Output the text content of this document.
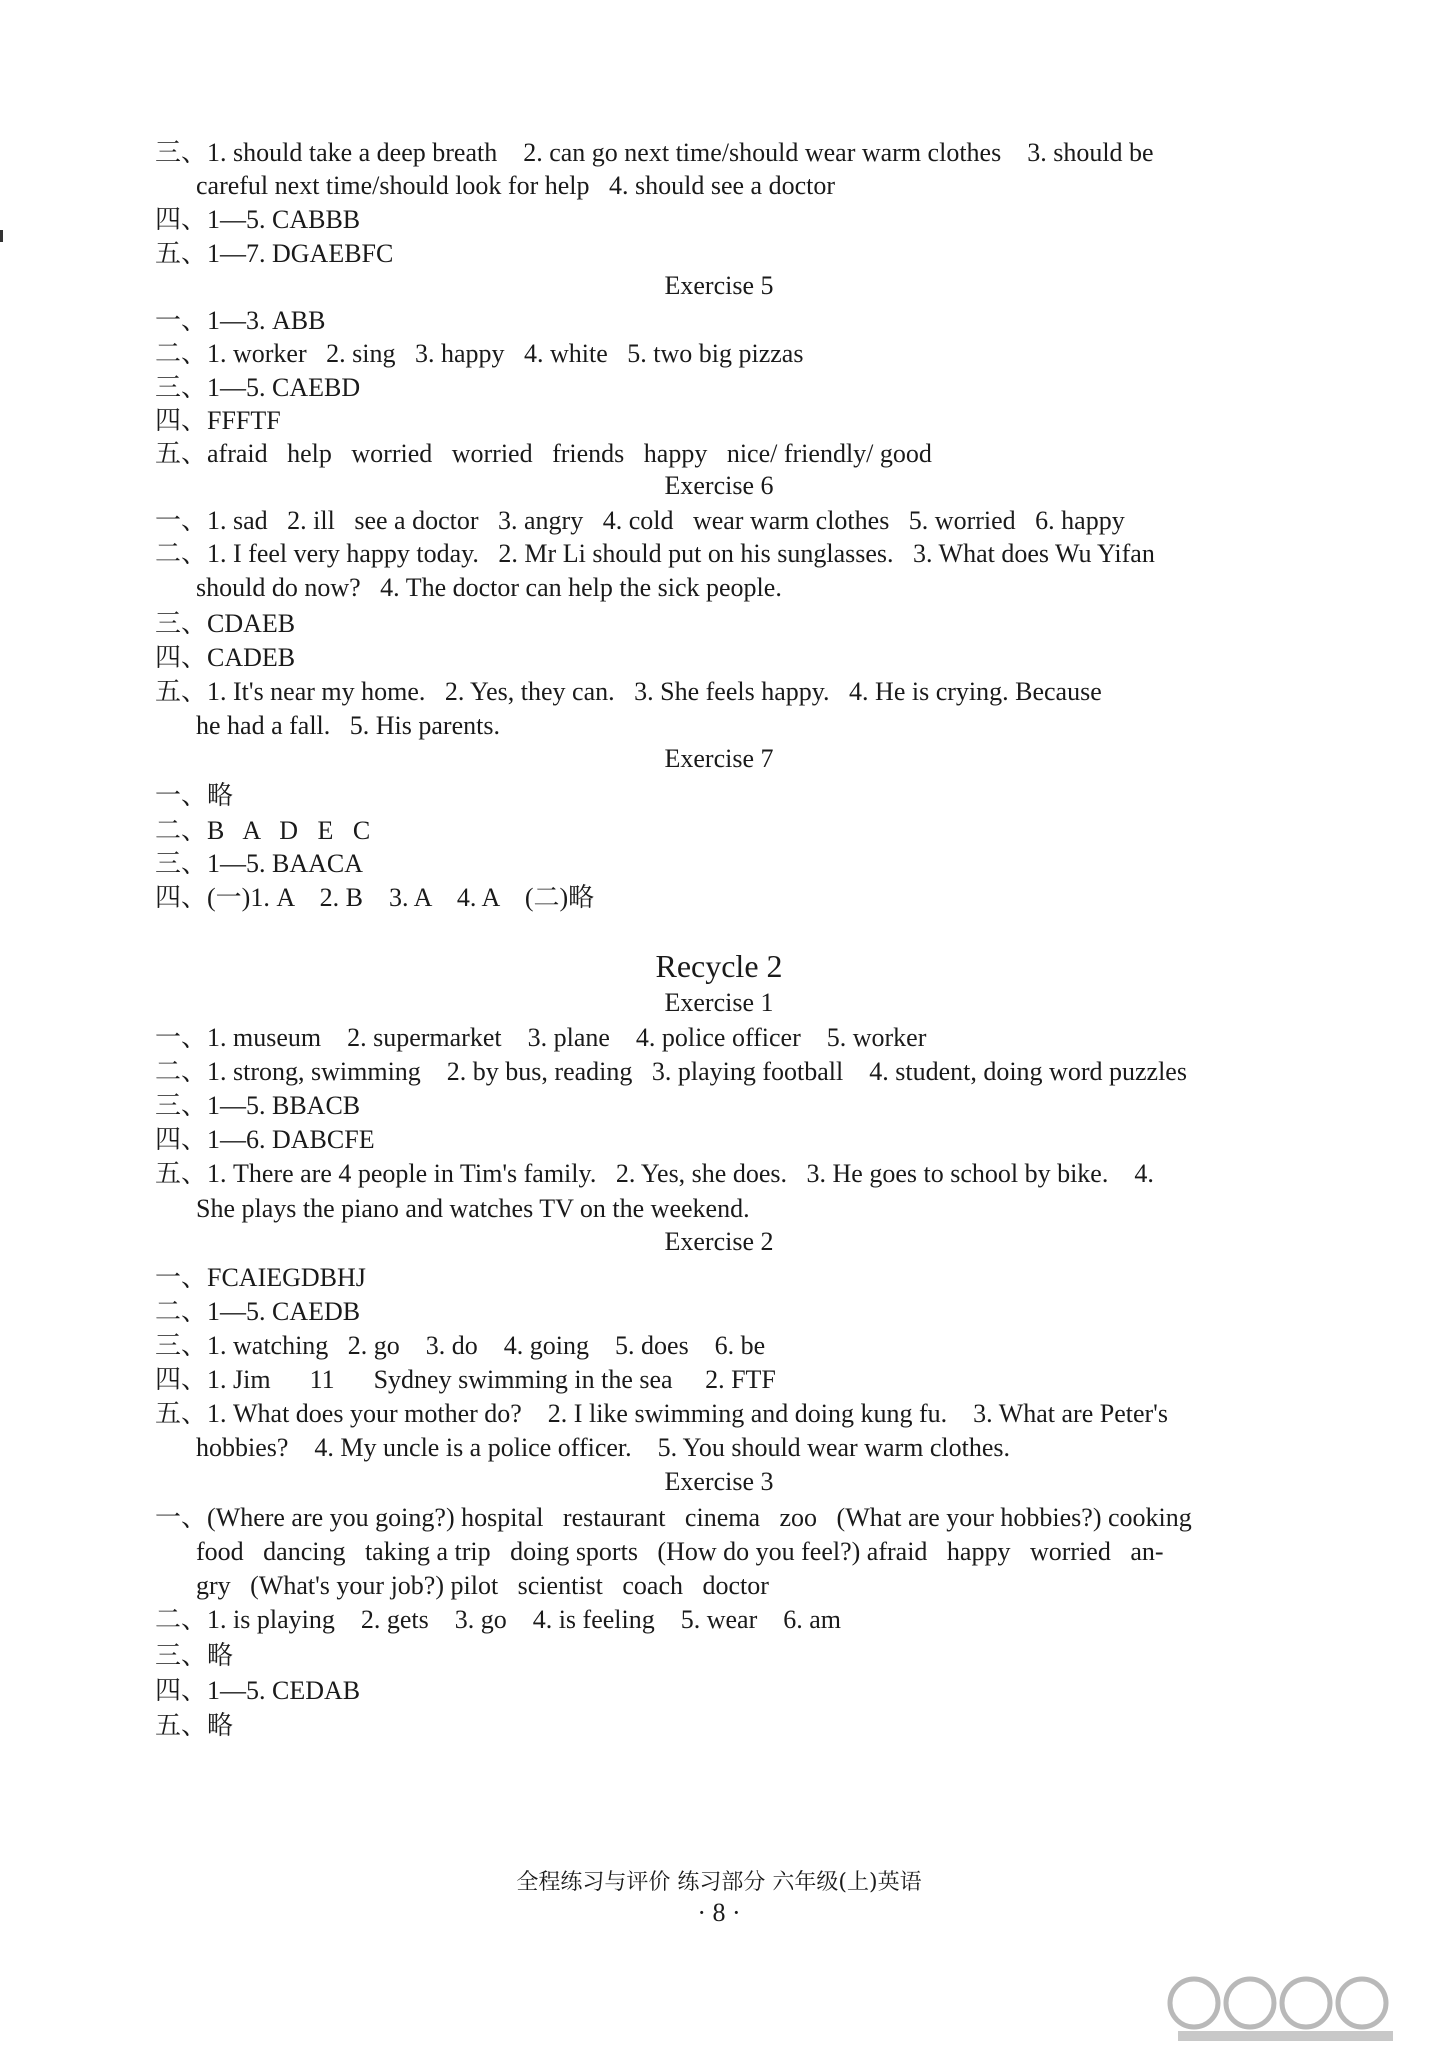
三、1. should take a deep breath    2. can go next time/should wear warm clothes    3. should be
careful next time/should look for help   4. should see a doctor
四、1—5. CABBB
五、1—7. DGAEBFC
Exercise 5
一、1—3. ABB
二、1. worker   2. sing   3. happy   4. white   5. two big pizzas
三、1—5. CAEBD
四、FFFTF
五、afraid   help   worried   worried   friends   happy   nice/ friendly/ good
Exercise 6
一、1. sad   2. ill   see a doctor   3. angry   4. cold   wear warm clothes   5. worried   6. happy
二、1. I feel very happy today.   2. Mr Li should put on his sunglasses.   3. What does Wu Yifan
should do now?   4. The doctor can help the sick people.
三、CDAEB
四、CADEB
五、1. It's near my home.   2. Yes, they can.   3. She feels happy.   4. He is crying. Because
he had a fall.   5. His parents.
Exercise 7
一、略
二、B   A   D   E   C
三、1—5. BAACA
四、(一)1. A    2. B    3. A    4. A    (二)略
Recycle 2
Exercise 1
一、1. museum    2. supermarket    3. plane    4. police officer    5. worker
二、1. strong, swimming    2. by bus, reading   3. playing football    4. student, doing word puzzles
三、1—5. BBACB
四、1—6. DABCFE
五、1. There are 4 people in Tim's family.   2. Yes, she does.   3. He goes to school by bike.    4.
She plays the piano and watches TV on the weekend.
Exercise 2
一、FCAIEGDBHJ
二、1—5. CAEDB
三、1. watching   2. go    3. do    4. going    5. does    6. be
四、1. Jim      11      Sydney swimming in the sea     2. FTF
五、1. What does your mother do?    2. I like swimming and doing kung fu.    3. What are Peter's
hobbies?    4. My uncle is a police officer.    5. You should wear warm clothes.
Exercise 3
一、(Where are you going?) hospital   restaurant   cinema   zoo   (What are your hobbies?) cooking
food   dancing   taking a trip   doing sports   (How do you feel?) afraid   happy   worried   an-
gry   (What's your job?) pilot   scientist   coach   doctor
二、1. is playing    2. gets    3. go    4. is feeling    5. wear    6. am
三、略
四、1—5. CEDAB
五、略
全程练习与评价 练习部分 六年级(上)英语
· 8 ·
